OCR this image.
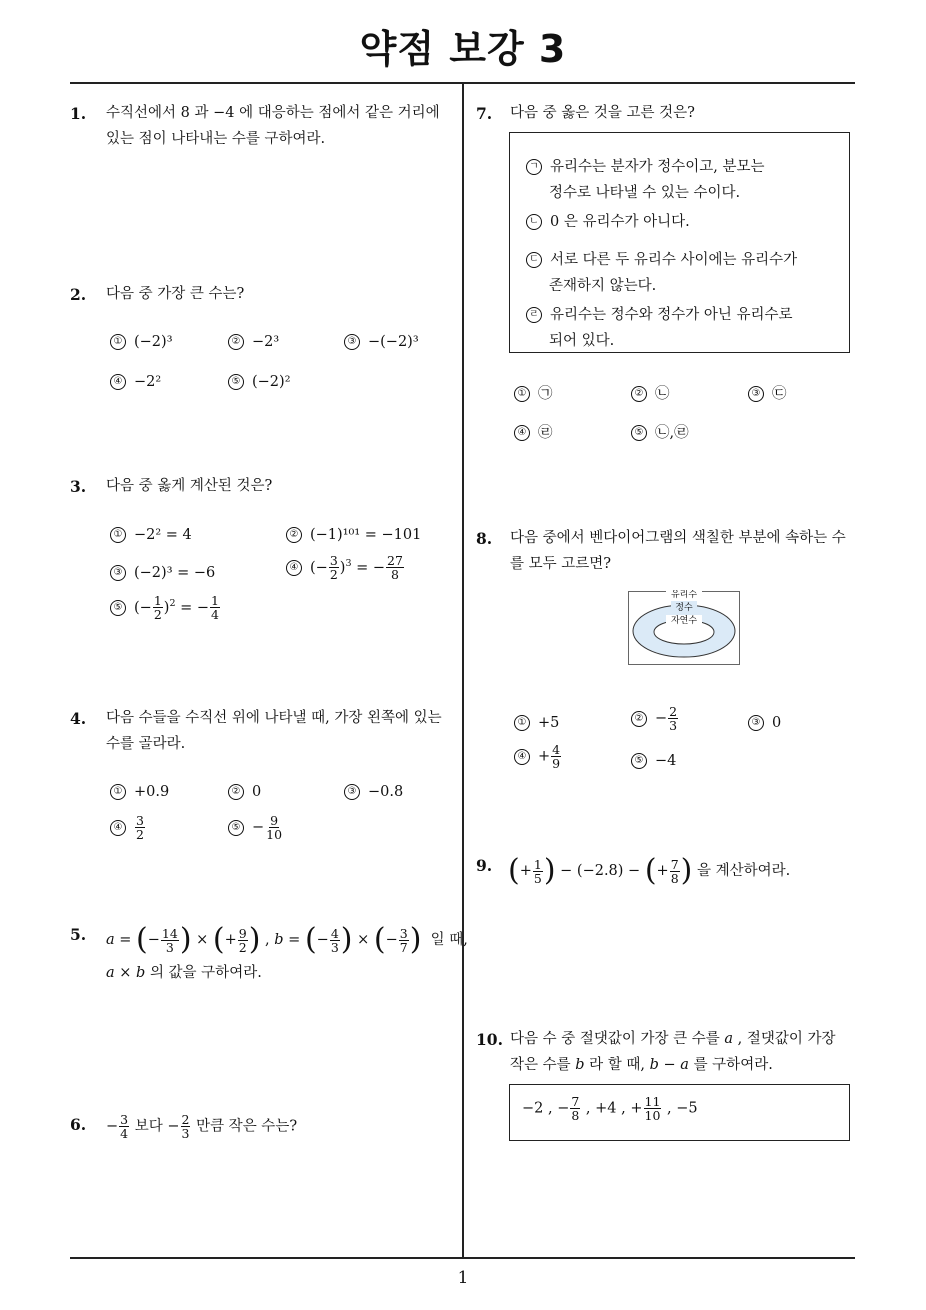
약점 보강 3
1
1. 수직선에서 8 과 −4 에 대응하는 점에서 같은 거리에
있는 점이 나타내는 수를 구하여라.
2. 다음 중 가장 큰 수는?
① (−2)³	② −2³	③ −(−2)³
④ −2²	⑤ (−2)²
3. 다음 중 옳게 계산된 것은?
① −2² = 4	② (−1)¹⁰¹ = −101
③ (−2)³ = −6	④ (− $\frac{3}{2} )^3$ = − $\frac{27}{8}$
⑤ (− $\frac{1}{2} )^2$ = − $\frac{1}{4}$
4. 다음 수들을 수직선 위에 나타낼 때, 가장 왼쪽에 있는
수를 골라라.
① +0.9	② 0	③ −0.8
④ $\frac{3}{2}$	⑤ − $\frac{9}{10}$
5. a = (− $\frac{14}{3}$ ) × (+ $\frac{9}{2}$ ) , b = (− $\frac{4}{3}$ ) × (− $\frac{3}{7}$ ) 일 때,
a × b 의 값을 구하여라.
6. − $\frac{3}{4}$ 보다 − $\frac{2}{3}$ 만큼 작은 수는?
7. 다음 중 옳은 것을 고른 것은?
ㄱ 유리수는 분자가 정수이고, 분모는
정수로 나타낼 수 있는 수이다.
ㄴ 0 은 유리수가 아니다.
ㄷ 서로 다른 두 유리수 사이에는 유리수가
존재하지 않는다.
ㄹ 유리수는 정수와 정수가 아닌 유리수로
되어 있다.
① ㉠	② ㉡	③ ㉢
④ ㉣	⑤ ㉡,㉣
8. 다음 중에서 벤다이어그램의 색칠한 부분에 속하는 수
를 모두 고르면?
유리수
정수
자연수
① +5	② − $\frac{2}{3}$	③ 0
④ + $\frac{4}{9}$	⑤ −4
9. (+ $\frac{1}{5}$ ) − (−2.8) − (+ $\frac{7}{8}$ ) 을 계산하여라.
10. 다음 수 중 절댓값이 가장 큰 수를 a , 절댓값이 가장
작은 수를 b 라 할 때, b − a 를 구하여라.
−2 , − $\frac{7}{8}$ , +4 , + $\frac{11}{10}$ , −5
